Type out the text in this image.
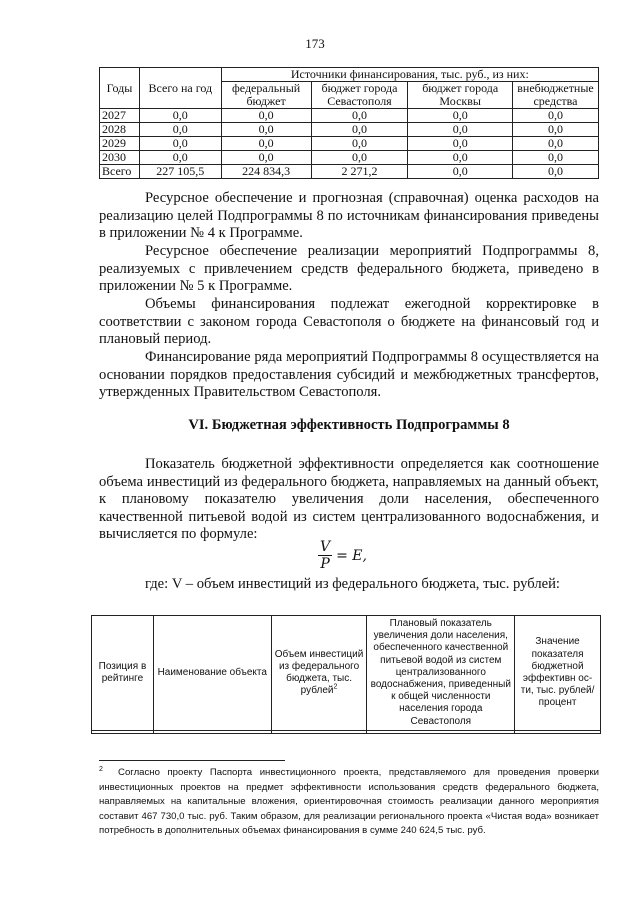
173
Годы	Всего на год	Источники финансирования, тыс. руб., из них:			
		федеральный бюджет	бюджет города Севастополя	бюджет города Москвы	внебюджетные средства
2027	0,0	0,0	0,0	0,0	0,0
2028	0,0	0,0	0,0	0,0	0,0
2029	0,0	0,0	0,0	0,0	0,0
2030	0,0	0,0	0,0	0,0	0,0
Всего	227 105,5	224 834,3	2 271,2	0,0	0,0

Ресурсное обеспечение и прогнозная (справочная) оценка расходов на реализацию целей Подпрограммы 8 по источникам финансирования приведены в приложении № 4 к Программе.

Ресурсное обеспечение реализации мероприятий Подпрограммы 8, реализуемых с привлечением средств федерального бюджета, приведено в приложении № 5 к Программе.

Объемы финансирования подлежат ежегодной корректировке в соответствии с законом города Севастополя о бюджете на финансовый год и плановый период.

Финансирование ряда мероприятий Подпрограммы 8 осуществляется на основании порядков предоставления субсидий и межбюджетных трансфертов, утвержденных Правительством Севастополя.

VI. Бюджетная эффективность Подпрограммы 8

Показатель бюджетной эффективности определяется как соотношение объема инвестиций из федерального бюджета, направляемых на данный объект, к плановому показателю увеличения доли населения, обеспеченного качественной питьевой водой из систем централизованного водоснабжения, и вычисляется по формуле:

$\frac{V}{P} = E$,

где: V – объем инвестиций из федерального бюджета, тыс. рублей:

Позиция в рейтинге	Наименование объекта	Объем инвестиций из федерального бюджета, тыс. рублей$^2$	Плановый показатель увеличения доли населения, обеспеченного качественной питьевой водой из систем централизованного водоснабжения, приведенный к общей численности населения города Севастополя	Значение показателя бюджетной эффективн ос-ти, тыс. рублей/ процент

$^2$ Согласно проекту Паспорта инвестиционного проекта, представляемого для проведения проверки инвестиционных проектов на предмет эффективности использования средств федерального бюджета, направляемых на капитальные вложения, ориентировочная стоимость реализации данного мероприятия составит 467 730,0 тыс. руб. Таким образом, для реализации регионального проекта «Чистая вода» возникает потребность в дополнительных объемах финансирования в сумме 240 624,5 тыс. руб.
